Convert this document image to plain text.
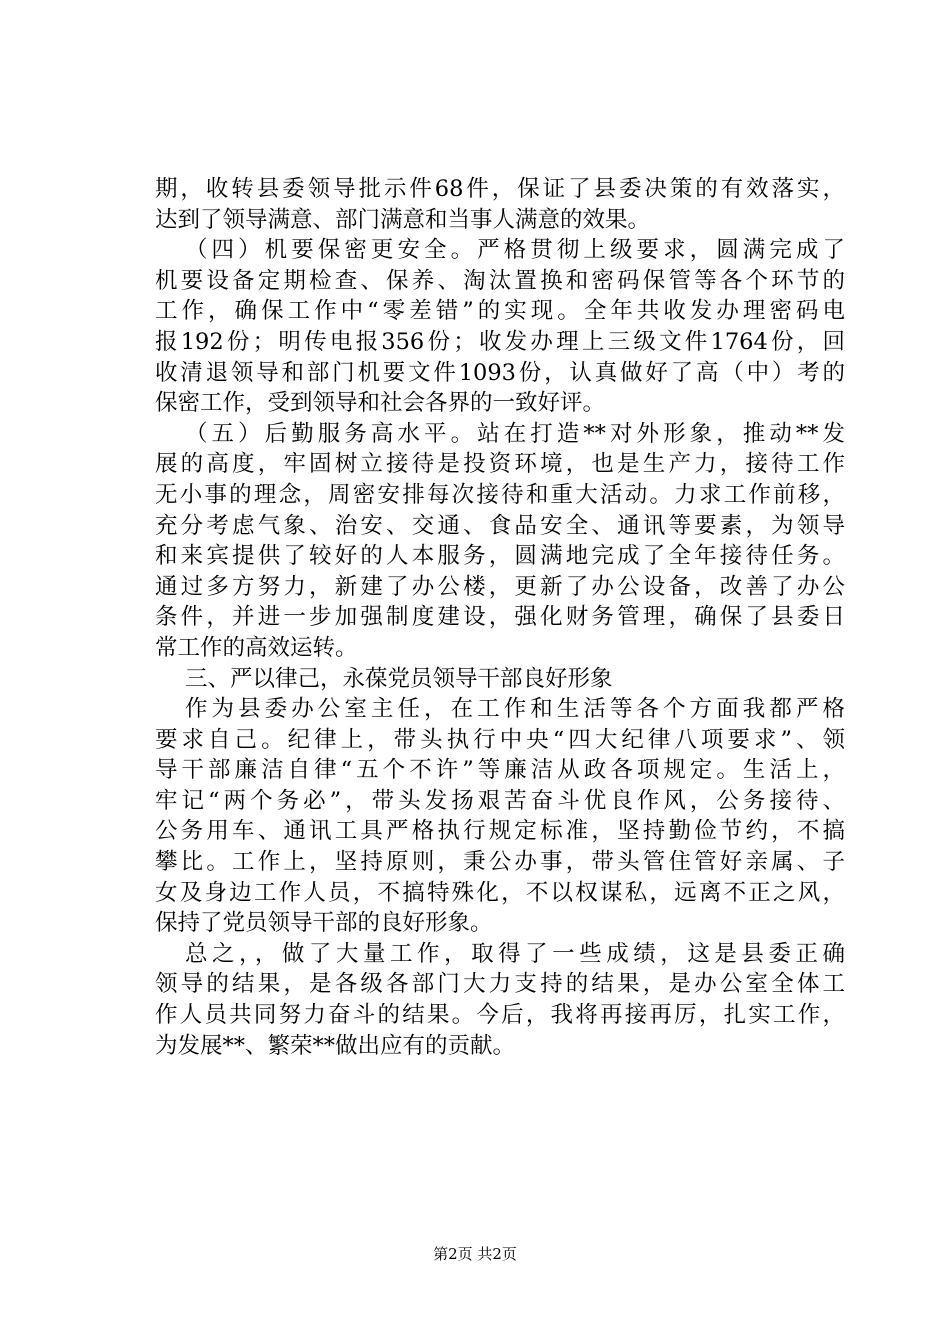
期，收转县委领导批示件68件，保证了县委决策的有效落实，
达到了领导满意、部门满意和当事人满意的效果。
（四）机要保密更安全。严格贯彻上级要求，圆满完成了
机要设备定期检查、保养、淘汰置换和密码保管等各个环节的
工作，确保工作中“零差错”的实现。全年共收发办理密码电
报192份；明传电报356份；收发办理上三级文件1764份，回
收清退领导和部门机要文件1093份，认真做好了高（中）考的
保密工作，受到领导和社会各界的一致好评。
（五）后勤服务高水平。站在打造**对外形象，推动**发
展的高度，牢固树立接待是投资环境，也是生产力，接待工作
无小事的理念，周密安排每次接待和重大活动。力求工作前移，
充分考虑气象、治安、交通、食品安全、通讯等要素，为领导
和来宾提供了较好的人本服务，圆满地完成了全年接待任务。
通过多方努力，新建了办公楼，更新了办公设备，改善了办公
条件，并进一步加强制度建设，强化财务管理，确保了县委日
常工作的高效运转。
三、严以律己，永葆党员领导干部良好形象
作为县委办公室主任，在工作和生活等各个方面我都严格
要求自己。纪律上，带头执行中央“四大纪律八项要求”、领
导干部廉洁自律“五个不许”等廉洁从政各项规定。生活上，
牢记“两个务必”，带头发扬艰苦奋斗优良作风，公务接待、
公务用车、通讯工具严格执行规定标准，坚持勤俭节约，不搞
攀比。工作上，坚持原则，秉公办事，带头管住管好亲属、子
女及身边工作人员，不搞特殊化，不以权谋私，远离不正之风，
保持了党员领导干部的良好形象。
总之，，做了大量工作，取得了一些成绩，这是县委正确
领导的结果，是各级各部门大力支持的结果，是办公室全体工
作人员共同努力奋斗的结果。今后，我将再接再厉，扎实工作，
为发展**、繁荣**做出应有的贡献。
第2页 共2页
